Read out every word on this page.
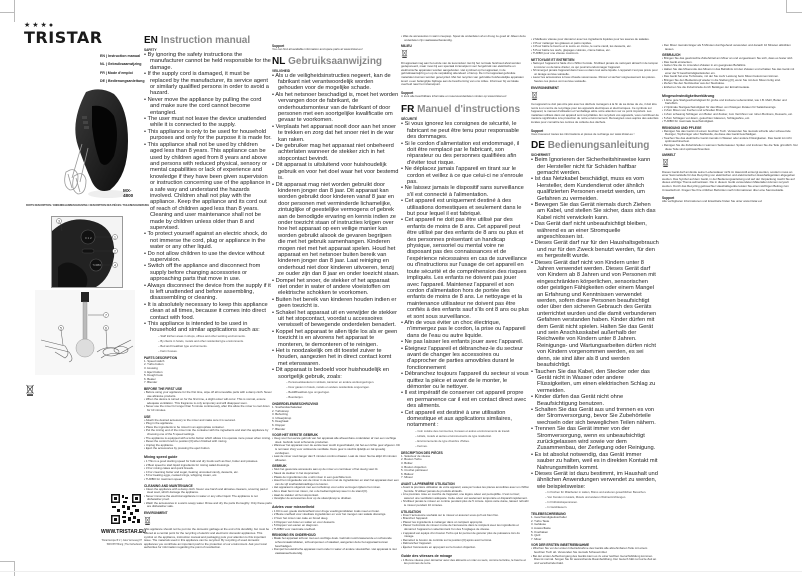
★★★●
TRISTAR
EN | Instruction manual
NL | Gebruiksaanwijzing
FR | Mode d'emploi
DE | Bedienungsanleitung
MX-4800
PARTS DESCRIPTION / ONDERDELENBESCHRIJVING / DESCRIPTION DES PIÈCES / TEILEBESCHREIBUNG
0 1 2
TURBO
1
2
4
3
7
5	6
WWW.TRISTAR.EU
Tristar Europe B.V. | Jules Verneweg 87
5015 BH Tilburg | The Netherlands
EN Instruction manual
SAFETY
• By ignoring the safety instructions the manufacturer cannot be held responsible for the damage.
• If the supply cord is damaged, it must be replaced by the manufacturer, its service agent or similarly qualified persons in order to avoid a hazard.
• Never move the appliance by pulling the cord and make sure the cord cannot become entangled.
• The user must not leave the device unattended while it is connected to the supply.
• This appliance is only to be used for household purposes and only for the purpose it is made for.
• This appliance shall not be used by children aged less than 8 years. This appliance can be used by children aged from 8 years and above and persons with reduced physical, sensory or mental capabilities or lack of experience and knowledge if they have been given supervision or instruction concerning use of the appliance in a safe way and understand the hazards involved. Children shall not play with the appliance. Keep the appliance and its cord out of reach of children aged less than 8 years. Cleaning and user maintenance shall not be made by children unless older than 8 and supervised.
• To protect yourself against an electric shock, do not immerse the cord, plug or appliance in the water or any other liquid.
• Do not allow children to use the device without supervision.
• Switch off the appliance and disconnect from supply before changing accessories or approaching parts that move in use.
• Always disconnect the device from the supply if it is left unattended and before assembling, disassembling or cleaning.
• It is absolutely necessary to keep this appliance clean at all times, because it comes into direct contact with food.
• This appliance is intended to be used in household and similar applications such as:
– Staff kitchen areas in shops, offices and other working environments.
– By clients in hotels, motels and other residential type environments.
– Bed and breakfast type environments.
– Farm houses.
PARTS DESCRIPTION
1. Speed switch
2. Turbo button
3. Housing
4. Eject button
5. Dough hook
6. Beater
7. Blender
BEFORE THE FIRST USE
• Before using your appliance for the first time, wipe off all removable parts with a damp cloth. Never use abrasive products.
• When the device is turned on for the first time, a slight odour will occur. This is normal, ensure adequate ventilation. This fragrance is only temporary and will disappear soon.
• Never use the mixer for longer than 5 minute continuously, after this allow the mixer to cool down for 10 minutes.
USE
• Attach the desired accessory to the mixer and make sure it is secured.
• Plug in the appliance.
• Place the ingredients to be mixed in an appropriate container.
• Put the mixing end of the mixer into the container with the ingredients and start the appliance by choosing one of the 5 speed settings.
• The appliance is equipped with a turbo button which allows it to operate more power when mixing.
• Reset the control knob to position [0] when finished with mixing.
• Unplug the appliance.
• Eject the accessories by pressing the eject button.
Mixing speed guide
• 1 This is a good starting speed for bulk and dry foods such as flour, butter and potatoes.
• 2 Best speed to start liquid ingredients for mixing salad dressings.
• 3 For mixing cakes and quick breads.
• 4 For creaming butter and sugar, beating uncooked candy, desserts, etc.
• 5 For beating eggs, cooked icings, whipping cream, etc.
• TURBO for maximum speed.
CLEANING AND MAINTENANCE
• Clean the appliance with a damp cloth. Never use harsh and abrasive cleaners, scouring pad or steel wool, which damage the appliance.
• Never immerse the electrical appliance in water or any other liquid. The appliance is not dishwasher proof.
• Wash the accessories in a warm soapy water. Rinse and dry the parts thoroughly. Only these parts are dishwasher safe.
ENVIRONMENT
This appliance should not be put into the domestic garbage at the end of its durability, but must be offered at a central point for the recycling of electric and electronic domestic appliances. This symbol on the appliance, instruction manual and packaging puts your attention to this important issue. The materials used in this appliance can be recycled. By recycling of used domestic appliances you contribute an important push to the protection of our environment. Ask your local authorities for information regarding the point of recollection.
Support
You can find all available information and spare parts at www.tristar.eu!
NL Gebruiksaanwijzing
VEILIGHEID
• Als u de veiligheidsinstructies negeert, kan de fabrikant niet verantwoordelijk worden gehouden voor de mogelijke schade.
• Als het netsnoer beschadigd is, moet het worden vervangen door de fabrikant, de onderhoudsmonteur van de fabrikant of door personen met een soortgelijke kwalificatie om gevaar te voorkomen.
• Verplaats het apparaat nooit door aan het snoer te trekken en zorg dat het snoer niet in de war kan raken.
• De gebruiker mag het apparaat niet onbeheerd achterlaten wanneer de stekker zich in het stopcontact bevindt.
• Dit apparaat is uitsluitend voor huishoudelijk gebruik en voor het doel waar het voor bestemd is.
• Dit apparaat mag niet worden gebruikt door kinderen jonger dan 8 jaar. Dit apparaat kan worden gebruikt door kinderen vanaf 8 jaar en door personen met verminderde lichamelijke, zintuiglijke of geestelijke vermogens of gebrek aan de benodigde ervaring en kennis indien ze onder toezicht staan of instructies krijgen over hoe het apparaat op een veilige manier kan worden gebruikt alsook de gevaren begrijpen die met het gebruik samenhangen. Kinderen mogen niet met het apparaat spelen. Houd het apparaat en het netsnoer buiten bereik van kinderen jonger dan 8 jaar. Laat reiniging en onderhoud niet door kinderen uitvoeren, tenzij ze ouder zijn dan 8 jaar en onder toezicht staan.
• Dompel het snoer, de stekker of het apparaat niet onder in water of andere vloeistoffen om elektrische schokken te voorkomen.
• Buiten het bereik van kinderen houden indien er geen toezicht is.
• Schakel het apparaat uit en verwijder de stekker uit het stopcontact, voordat u accessoires verwisselt of bewegende onderdelen benadert.
• Koppel het apparaat te allen tijde los als er geen toezicht is en alvorens het apparaat te monteren, te demonteren of te reinigen.
• Het is noodzakelijk om dit toestel zuiver te houden, aangezien het in direct contact komt met etenswaren.
• Dit apparaat is bedoeld voor huishoudelijk en soortgelijk gebruik, zoals:
– Personeelskeukens in winkels, kantoren en andere werkomgevingen.
– Door gasten in hotels, motels en andere residentiële omgevingen.
– Bed&Breakfast-type omgevingen.
– Boerderijen.
ONDERDELENBESCHRIJVING
1. Snelheidsschakelaar
2. Turboknop
3. Behuizing
4. Uitwerpknop
5. Deeghaak
6. Klopper
7. Blender
VOOR HET EERSTE GEBRUIK
• Veeg voor het eerste gebruik van het apparaat alle afneembare onderdelen af met een vochtige doek. Gebruik nooit schurende producten.
• Wanneer het apparaat voor de eerste keer wordt ingeschakeld, zal het een lichte geur afgeven. Dit is normaal. Zorg voor voldoende ventilatie. Deze geur is slechts tijdelijk en zal spoedig verdwijnen.
• Laat de mixer nooit langer dan 5 minuten continu draaien. Laat de mixer hierna altijd 10 minuten afkoelen.
GEBRUIK
• Sluit het gewenste accessoire aan op de mixer en controleer of het stevig vast zit.
• Steek de stekker in het stopcontact.
• Plaats de ingrediënten die u wilt mixen in een geschikte kom.
• Houd het mixgedeelte van de mixer in de kom met de ingrediënten en start het apparaat door een van de vijf snelheidsinstellingen te kiezen.
• Het apparaat is uitgerust met een turboknop voor extra vermogen tijdens het mixen.
• Als u klaar bent met mixen, zet u de bedieningsknop weer in de stand [0].
• Haal de stekker uit het stopcontact.
• Verwijder de accessoires door op de uitwerpknop te drukken.
Advies voor mixsnelheid
• 1 Dit is een goede startsnelheid voor droge voedingsmiddelen zoals meel en boter.
• 2 Beste snelheid voor vloeibare ingrediënten en voor het mengen van salade dressings.
• 3 Voor het mixen van cake en brood deeg.
• 4 Kloppen van boter en suiker en voor desserts.
• 5 Kloppen van eieren en slagroom.
• TURBO voor maximale snelheid.
REINIGING EN ONDERHOUD
• Maak het apparaat schoon met een vochtige doek. Gebruik nooit krasserende en schurende schoonmaakmiddelen, schuursponsen of staalwol, aangezien deze het apparaat kunnen beschadigen.
• Dompel het elektrische apparaat nooit onder in water of andere vloeistoffen. Het apparaat is niet vaatwasserbestendig.
• Was de accessoires in warm zeepsop. Spoel de onderdelen af en droog ze goed af. Alleen deze onderdelen zijn vaatwasserbestendig.
MILIEU
Dit apparaat mag aan het einde van de levensduur niet bij het normale huishoud afval worden gedeponeerd, maar moet bij een speciaal inzamelpunt voor hergebruik van elektrische en elektronische apparaten worden aangeboden. Het symbool op het apparaat, in de gebruiksaanwijzing en op de verpakking attendeert u hierop. De in het apparaat gebruikte materialen kunnen worden gerecycled. Met het recyclen van gebruikte huishoudelijke apparaten levert u een belangrijke bijdrage aan de bescherming van ons milieu. Informeer bij uw lokale overheid naar het inzamelpunt.
Support
U kunt alle beschikbare informatie en reserveonderdelen vinden op www.tristar.eu!
FR Manuel d'instructions
SÉCURITÉ
• Si vous ignorez les consignes de sécurité, le fabricant ne peut être tenu pour responsable des dommages.
• Si le cordon d'alimentation est endommagé, il doit être remplacé par le fabricant, son réparateur ou des personnes qualifiées afin d'éviter tout risque.
• Ne déplacez jamais l'appareil en tirant sur le cordon et veillez à ce que celui-ci ne s'enroule pas.
• Ne laissez jamais le dispositif sans surveillance s'il est connecté à l'alimentation.
• Cet appareil est uniquement destiné à des utilisations domestiques et seulement dans le but pour lequel il est fabriqué.
• Cet appareil ne doit pas être utilisé par des enfants de moins de 8 ans. Cet appareil peut être utilisé par des enfants de 8 ans ou plus et des personnes présentant un handicap physique, sensoriel ou mental voire ne disposant pas des connaissances et de l'expérience nécessaires en cas de surveillance ou d'instructions sur l'usage de cet appareil en toute sécurité et de compréhension des risques impliqués. Les enfants ne doivent pas jouer avec l'appareil. Maintenez l'appareil et son cordon d'alimentation hors de portée des enfants de moins de 8 ans. Le nettoyage et la maintenance utilisateur ne doivent pas être confiés à des enfants sauf s'ils ont 8 ans ou plus et sont sous surveillance.
• Afin de vous éviter un choc électrique, n'immergez pas le cordon, la prise ou l'appareil dans de l'eau ou autre liquide.
• Ne pas laisser les enfants jouer avec l'appareil.
• Éteignez l'appareil et débranchez-le du secteur avant de changer les accessoires ou d'approcher de parties amovibles durant le fonctionnement
• Débranchez toujours l'appareil du secteur si vous quittez la pièce et avant de le monter, le démonter ou le nettoyer.
• Il est impératif de conserver cet appareil propre en permanence car il est en contact direct avec des aliments.
• Cet appareil est destiné à une utilisation domestique et aux applications similaires, notamment :
– Coin cuisine des commerces, bureaux et autres environnements de travail.
– Hôtels, motels et autres environnements de type résidentiel.
– Environnements de type chambre d'hôtes.
– Fermes.
DESCRIPTION DES PIÈCES
1. Sélecteur de vitesse
2. Bouton Turbo
3. Boîtier
4. Bouton d'éjection
5. Crochet pétrisseur
6. Batteur
7. Mixeur
AVANT LA PREMIÈRE UTILISATION
• Avant la première utilisation de votre appareil, essuyez toutes les pièces amovibles avec un chiffon humide. N'utilisez jamais de produits abrasifs.
• À la première mise en marche de l'appareil, une légère odeur est perceptible. C'est normal ; assurez une ventilation adéquate. Cette odeur est seulement temporaire et disparaît rapidement.
• N'utilisez jamais le mixeur en continu pendant plus de 5 minute. Après cette durée, laissez refroidir le mixeur pendant 10 minutes.
UTILISATION
• Fixez l'accessoire souhaité sur le mixeur et assurez-vous qu'il est bien fixé.
• Branchez l'appareil.
• Placez les ingrédients à mélanger dans un récipient approprié.
• Placez l'extrémité du mixeur munie de l'accessoire dans le récipient avec les ingrédients et démarrez l'appareil en sélectionnant l'un des 5 réglages de vitesse.
• L'appareil est équipé d'un bouton Turbo qui lui permet de générer plus de puissance lors du mixage.
• Remettez le bouton de contrôle sur la position [0] après avoir terminé.
• Débranchez l'appareil.
• Éjectez l'accessoire en appuyant sur le bouton d'éjection.
Guide des vitesses de mixage
• 1 Bonne vitesse pour démarrer avec des aliments en vrac ou secs, comme la farine, le beurre et les pommes de terre.
• 2 Meilleure vitesse pour démarrer avec les ingrédients liquides pour les sauces de salades.
• 3 Pour mélanger les gâteaux et pains rapides.
• 4 Pour battre le beurre et le sucre en crème, le sucre candi, les desserts, etc.
• 5 Pour battre les œufs, glaçages cuisinés, crème battue, etc.
• TURBO pour une vitesse maximum.
NETTOYAGE ET ENTRETIEN
• Nettoyez l'appareil à l'aide d'un chiffon humide. N'utilisez jamais de nettoyant abrasif ni de tampon à récurer ou de laine d'acier, ce qui pourrait endommager l'appareil.
• N'immergez jamais l'appareil dans l'eau ou dans tout autre liquide. L'appareil n'est pas prévu pour un lavage au lave-vaisselle.
• Lavez les accessoires à l'eau chaude savonneuse. Rincez et séchez soigneusement les pièces. Seules ces pièces vont au lave-vaisselle.
ENVIRONNEMENT
Cet appareil ne doit pas être jeté avec les déchets ménagers à la fin de sa durée de vie, il doit être remis à un centre de recyclage pour les appareils électriques et électroniques. Ce symbole sur l'appareil, le manuel d'utilisation et l'emballage attire votre attention sur ce point important. Les matériaux utilisés dans cet appareil sont recyclables. En recyclant vos appareils, vous contribuez de manière significative à la protection de notre environnement. Renseignez-vous auprès des autorités locales pour connaître les centres de collecte des déchets.
Support
Vous trouverez toutes les informations et pièces de rechange sur www.tristar.eu !
DE Bedienungsanleitung
SICHERHEIT
• Beim Ignorieren der Sicherheitshinweise kann der Hersteller nicht für Schäden haftbar gemacht werden.
• Ist das Netzkabel beschädigt, muss es vom Hersteller, dem Kundendienst oder ähnlich qualifizierten Personen ersetzt werden, um Gefahren zu vermeiden.
• Bewegen Sie das Gerät niemals durch Ziehen am Kabel, und stellen Sie sicher, dass sich das Kabel nicht verwickeln kann.
• Das Gerät darf nicht unbeaufsichtigt bleiben, während es an einer Stromquelle angeschlossen ist.
• Dieses Gerät darf nur für den Haushaltsgebrauch und nur für den Zweck benutzt werden, für den es hergestellt wurde.
• Dieses Gerät darf nicht von Kindern unter 8 Jahren verwendet werden. Dieses Gerät darf von Kindern ab 8 Jahren und von Personen mit eingeschränkten körperlichen, sensorischen oder geistigen Fähigkeiten oder einem Mangel an Erfahrung und Kenntnissen verwendet werden, sofern diese Personen beaufsichtigt oder über den sicheren Gebrauch des Geräts unterrichtet wurden und die damit verbundenen Gefahren verstanden haben. Kinder dürfen mit dem Gerät nicht spielen. Halten Sie das Gerät und sein Anschlusskabel außerhalb der Reichweite von Kindern unter 8 Jahren. Reinigungs- und Wartungsarbeiten dürfen nicht von Kindern vorgenommen werden, es sei denn, sie sind älter als 8 und werden beaufsichtigt.
• Tauchen Sie das Kabel, den Stecker oder das Gerät nicht in Wasser oder andere Flüssigkeiten, um einen elektrischen Schlag zu vermeiden.
• Kinder dürfen das Gerät nicht ohne Beaufsichtigung benutzen.
• Schalten Sie das Gerät aus und trennen es von der Stromversorgung, bevor Sie Zubehörteile wechseln oder sich beweglichen Teilen nähern.
• Trennen Sie das Gerät immer von der Stromversorgung, wenn es unbeaufsichtigt zurückgelassen wird sowie vor dem Zusammenbau, der Zerlegung oder Reinigung.
• Es ist absolut notwendig, das Gerät immer sauber zu halten, weil es in direkten Kontakt mit Nahrungsmitteln kommt.
• Dieses Gerät ist dazu bestimmt, im Haushalt und ähnlichen Anwendungen verwendet zu werden, wie beispielsweise:
– In Küchen für Mitarbeiter in Läden, Büros und anderen gewerblichen Bereichen.
– Von Kunden in Hotels, Motels und anderen Wohneinrichtungen.
– In Frühstückspensionen.
– In Gutshäusern.
TEILEBESCHREIBUNG
1. Geschwindigkeitsschalter
2. Turbo Taste
3. Gehäuse
4. Auswurftaste
5. Knethaken
6. Quirl
7. Mixer
VOR DER ERSTEN INBETRIEBNAHME
• Wischen Sie vor der ersten Inbetriebnahme des Geräts alle abnehmbaren Teile mit einem feuchten Tuch ab. Verwenden Sie niemals Scheuermittel.
• Bei der ersten Aufheizvorgang des Geräts kann es zu einer leichten Geruchsbildung kommen. Dies ist normal. Sorgen Sie für ausreichende Raumbelüftung. Der Geruch hält nur kurze Zeit an und verschwindet bald.
• Den Mixer niemals länger als 5 Minuten durchgehend verwenden und danach 10 Minuten abkühlen lassen.
GEBRAUCH
• Bringen Sie das gewünschte Zubehörteil am Mixer an und vergewissern Sie sich, dass es fester sitzt.
• Das Gerät einstecken.
• Geben Sie die zu mixenden Zutaten in ein geeignetes Behältnis.
• Halten Sie das Mixerende des Mixers in das Behältnis mit den Zutaten und schalten Sie das Gerät mit einer der 5 Geschwindigkeitsstufen ein.
• Das Gerät hat eine Turbotaste, mit der Sie mehr Leistung beim Mixen bekommen können.
• Bringen Sie den Bedienknopf wieder in die Stellung [0], wenn Sie mit dem Mixen fertig sind.
• Ziehen Sie den Netzstecker aus der Steckdose.
• Entfernen Sie die Zubehörteile durch Betätigen der Entnahmetaste.
Mixgeschwindigkeitserklärung
• 1 Eine gute Startgeschwindigkeit für große und trockene Lebensmittel, wie z.B. Mehl, Butter und Kartoffeln.
• 2 Optimale Startgeschwindigkeit für das Mixen von flüssigen Zutaten für Salatdressings.
• 3 Zum Mixen von Kuchen und schnellen Broten.
• 4 Zum schaumig Schlagen von Butter und Zucker, zum Verrühren von rohen Bonbons, Desserts, etc.
• 5 Zum Schlagen von Eiern, gekochten Glasuren, Schlagsahne, etc.
• TURBO für maximale Geschwindigkeit.
REINIGUNG UND PFLEGE
• Reinigen Sie das Gerät mit einem feuchten Tuch. Verwenden Sie niemals scharfe oder scheuernde Reiniger, Topfreiniger oder Stahlwolle, da diese das Gerät beschädigen.
• Tauchen Sie das elektrische Gerät niemals in Wasser oder andere Flüssigkeiten. Das Gerät ist nicht spülmaschinenfest.
• Reinigen Sie die Zubehörteile in warmem Seifenwasser. Spülen und trocknen Sie die Teile gründlich. Nur diese Teile sind spülmaschinenfest.
UMWELT
Dieses Gerät darf am Ende seiner Lebensdauer nicht im Hausmüll entsorgt werden, sondern muss an einer Sammelstelle für das Recycling von elektrischen und elektronischen Haushaltsgeräten abgegeben werden. Das Symbol auf dem Gerät, in der Bedienungsanleitung und auf der Verpackung macht Sie auf dieses wichtige Thema aufmerksam. Die in diesem Gerät verwendeten Materialien können recycelt werden. Durch das Recycling gebrauchter Haushaltsgeräte leisten Sie einen wichtigen Beitrag zum Umweltschutz. Fragen Sie Ihre örtlichen Behörden nach Informationen über eine Sammelstelle.
Support
Alle verfügbaren Informationen und Ersatzteile finden Sie unter www.tristar.eu!
